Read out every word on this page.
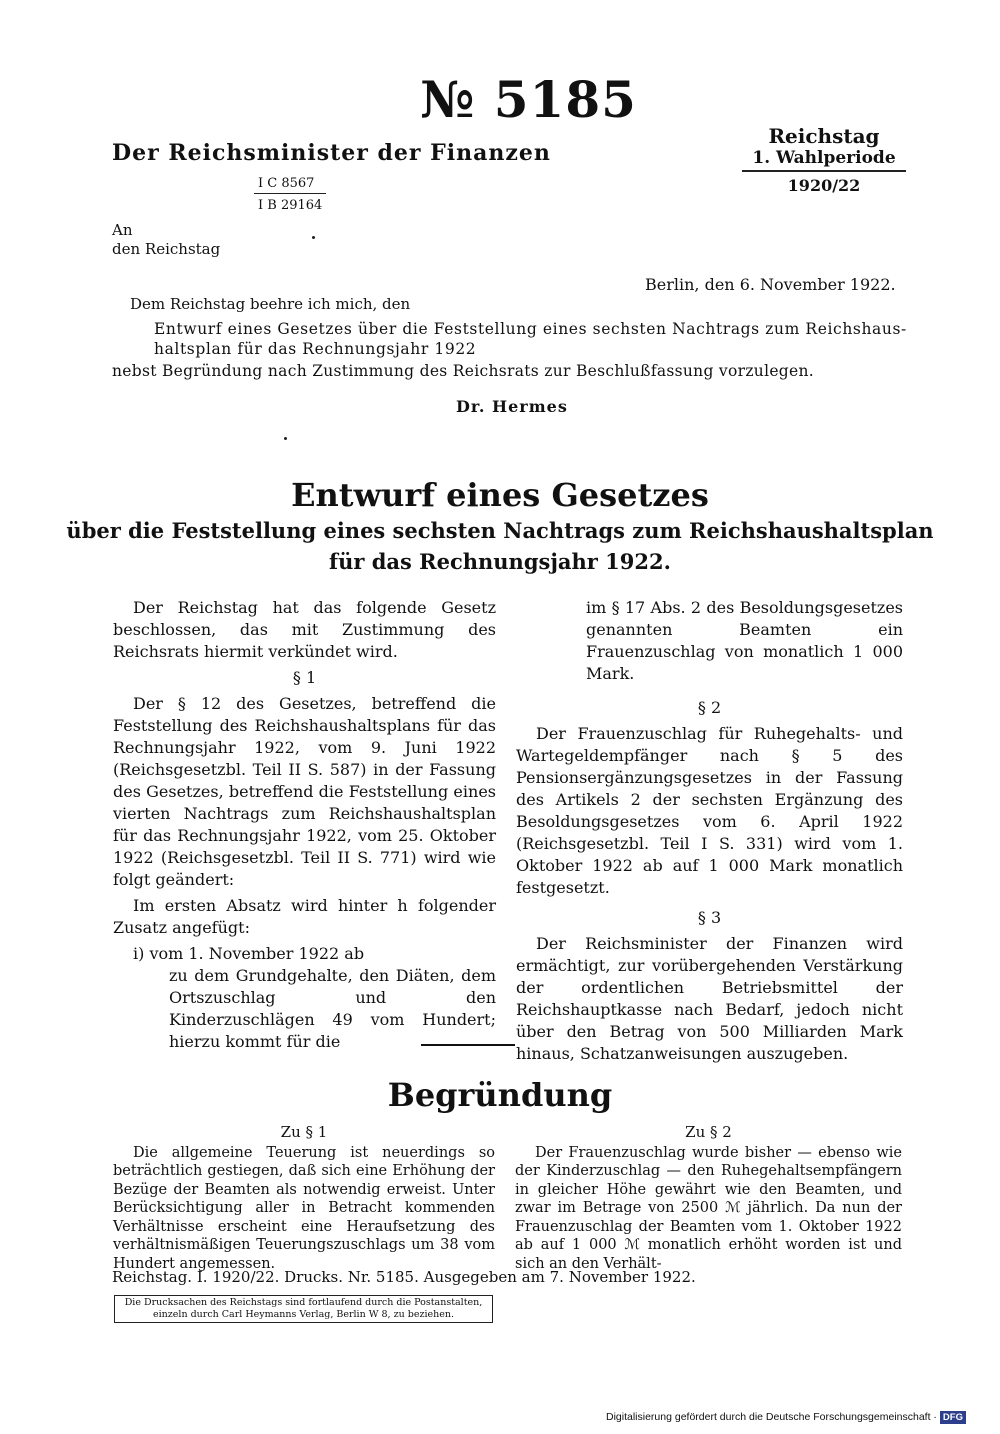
№ 5185
Der Reichsminister der Finanzen
I C 8567
I B 29164
Reichstag
1. Wahlperiode
1920/22
An
den Reichstag
Berlin, den 6. November 1922.
Dem Reichstag beehre ich mich, den
Entwurf eines Gesetzes über die Feststellung eines sechsten Nachtrags zum Reichshaus-
haltsplan für das Rechnungsjahr 1922
nebst Begründung nach Zustimmung des Reichsrats zur Beschlußfassung vorzulegen.
Dr. Hermes
Entwurf eines Gesetzes
über die Feststellung eines sechsten Nachtrags zum Reichshaushaltsplan
für das Rechnungsjahr 1922.

Der Reichstag hat das folgende Gesetz beschlossen, das mit Zustimmung des Reichsrats hiermit verkündet wird.

§ 1

Der § 12 des Gesetzes, betreffend die Feststellung des Reichshaushaltsplans für das Rechnungsjahr 1922, vom 9. Juni 1922 (Reichsgesetzbl. Teil II S. 587) in der Fassung des Gesetzes, betreffend die Feststellung eines vierten Nachtrags zum Reichshaushaltsplan für das Rechnungsjahr 1922, vom 25. Oktober 1922 (Reichsgesetzbl. Teil II S. 771) wird wie folgt geändert:

Im ersten Absatz wird hinter h folgender Zusatz angefügt:

i) vom 1. November 1922 ab

zu dem Grundgehalte, den Diäten, dem Ortszuschlag und den Kinderzuschlägen 49 vom Hundert; hierzu kommt für die

im § 17 Abs. 2 des Besoldungsgesetzes genannten Beamten ein Frauenzuschlag von monatlich 1 000 Mark.

§ 2

Der Frauenzuschlag für Ruhegehalts- und Wartegeldempfänger nach § 5 des Pensionsergänzungsgesetzes in der Fassung des Artikels 2 der sechsten Ergänzung des Besoldungsgesetzes vom 6. April 1922 (Reichsgesetzbl. Teil I S. 331) wird vom 1. Oktober 1922 ab auf 1 000 Mark monatlich festgesetzt.

§ 3

Der Reichsminister der Finanzen wird ermächtigt, zur vorübergehenden Verstärkung der ordentlichen Betriebsmittel der Reichshauptkasse nach Bedarf, jedoch nicht über den Betrag von 500 Milliarden Mark hinaus, Schatzanweisungen auszugeben.

Begründung
Zu § 1

Die allgemeine Teuerung ist neuerdings so beträchtlich gestiegen, daß sich eine Erhöhung der Bezüge der Beamten als notwendig erweist. Unter Berücksichtigung aller in Betracht kommenden Verhältnisse erscheint eine Heraufsetzung des verhältnismäßigen Teuerungszuschlags um 38 vom Hundert angemessen.

Zu § 2

Der Frauenzuschlag wurde bisher — ebenso wie der Kinderzuschlag — den Ruhegehaltsempfängern in gleicher Höhe gewährt wie den Beamten, und zwar im Betrage von 2500 ℳ jährlich. Da nun der Frauenzuschlag der Beamten vom 1. Oktober 1922 ab auf 1 000 ℳ monatlich erhöht worden ist und sich an den Verhält-

Reichstag. I. 1920/22. Drucks. Nr. 5185. Ausgegeben am 7. November 1922.
Die Drucksachen des Reichstags sind fortlaufend durch die Postanstalten,
einzeln durch Carl Heymanns Verlag, Berlin W 8, zu beziehen.
Digitalisierung gefördert durch die Deutsche Forschungsgemeinschaft · DFG
